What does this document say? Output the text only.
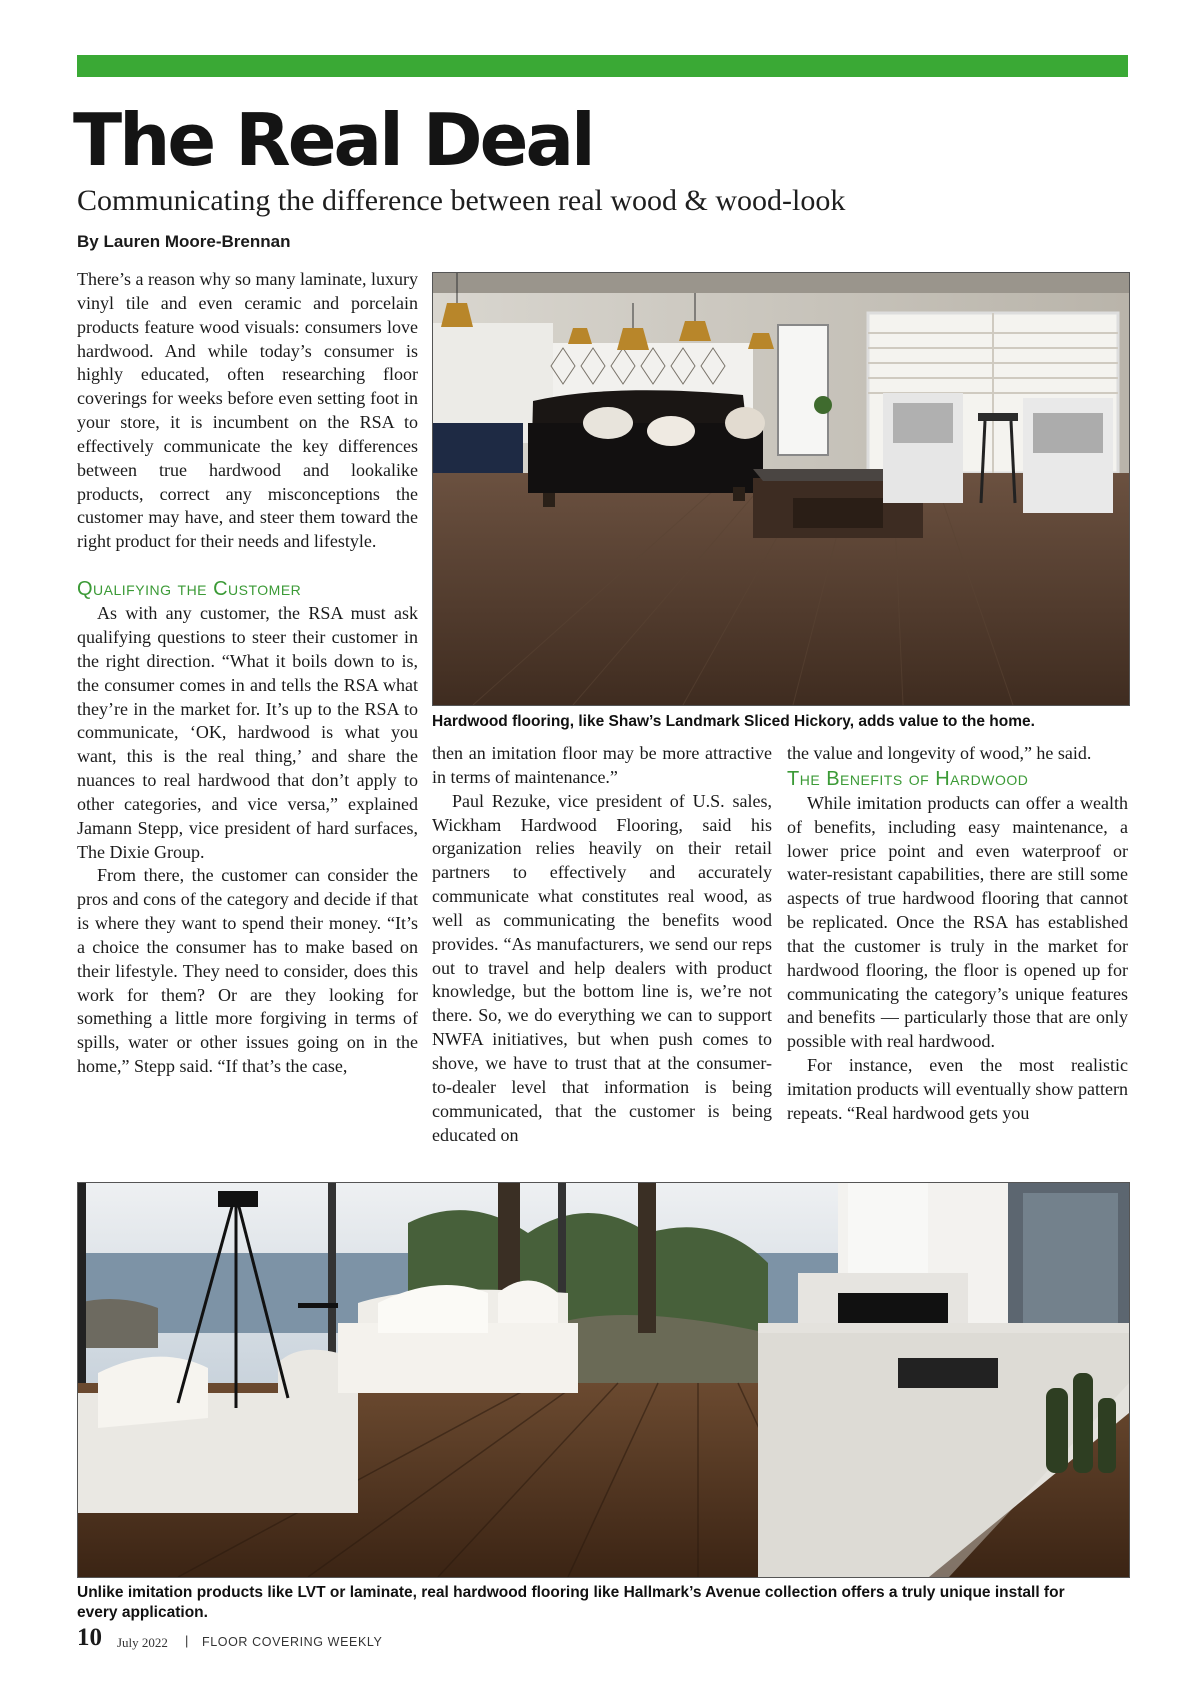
The Real Deal
Communicating the difference between real wood & wood-look
By Lauren Moore-Brennan

There’s a reason why so many laminate, luxury vinyl tile and even ceramic and porcelain products feature wood visuals: consumers love hardwood. And while today’s consumer is highly educated, often researching floor coverings for weeks before even setting foot in your store, it is incumbent on the RSA to effectively communicate the key differences between true hardwood and lookalike products, correct any misconceptions the customer may have, and steer them toward the right product for their needs and lifestyle.

Qualifying the Customer

As with any customer, the RSA must ask qualifying questions to steer their customer in the right direction. “What it boils down to is, the consumer comes in and tells the RSA what they’re in the market for. It’s up to the RSA to communicate, ‘OK, hardwood is what you want, this is the real thing,’ and share the nuances to real hardwood that don’t apply to other categories, and vice versa,” explained Jamann Stepp, vice president of hard surfaces, The Dixie Group.

From there, the customer can consider the pros and cons of the category and decide if that is where they want to spend their money. “It’s a choice the consumer has to make based on their lifestyle. They need to consider, does this work for them? Or are they looking for something a little more forgiving in terms of spills, water or other issues going on in the home,” Stepp said. “If that’s the case,

Hardwood flooring, like Shaw’s Landmark Sliced Hickory, adds value to the home.

then an imitation floor may be more attractive in terms of maintenance.”

Paul Rezuke, vice president of U.S. sales, Wickham Hardwood Flooring, said his organization relies heavily on their retail partners to effectively and accurately communicate what constitutes real wood, as well as communicating the benefits wood provides. “As manufacturers, we send our reps out to travel and help dealers with product knowledge, but the bottom line is, we’re not there. So, we do everything we can to support NWFA initiatives, but when push comes to shove, we have to trust that at the consumer-to-dealer level that information is being communicated, that the customer is being educated on

the value and longevity of wood,” he said.

The Benefits of Hardwood

While imitation products can offer a wealth of benefits, including easy maintenance, a lower price point and even waterproof or water-resistant capabilities, there are still some aspects of true hardwood flooring that cannot be replicated. Once the RSA has established that the customer is truly in the market for hardwood flooring, the floor is opened up for communicating the category’s unique features and benefits — particularly those that are only possible with real hardwood.

For instance, even the most realistic imitation products will eventually show pattern repeats. “Real hardwood gets you

Unlike imitation products like LVT or laminate, real hardwood flooring like Hallmark’s Avenue collection offers a truly unique install for every application.
10 July 2022 | FLOOR COVERING WEEKLY
